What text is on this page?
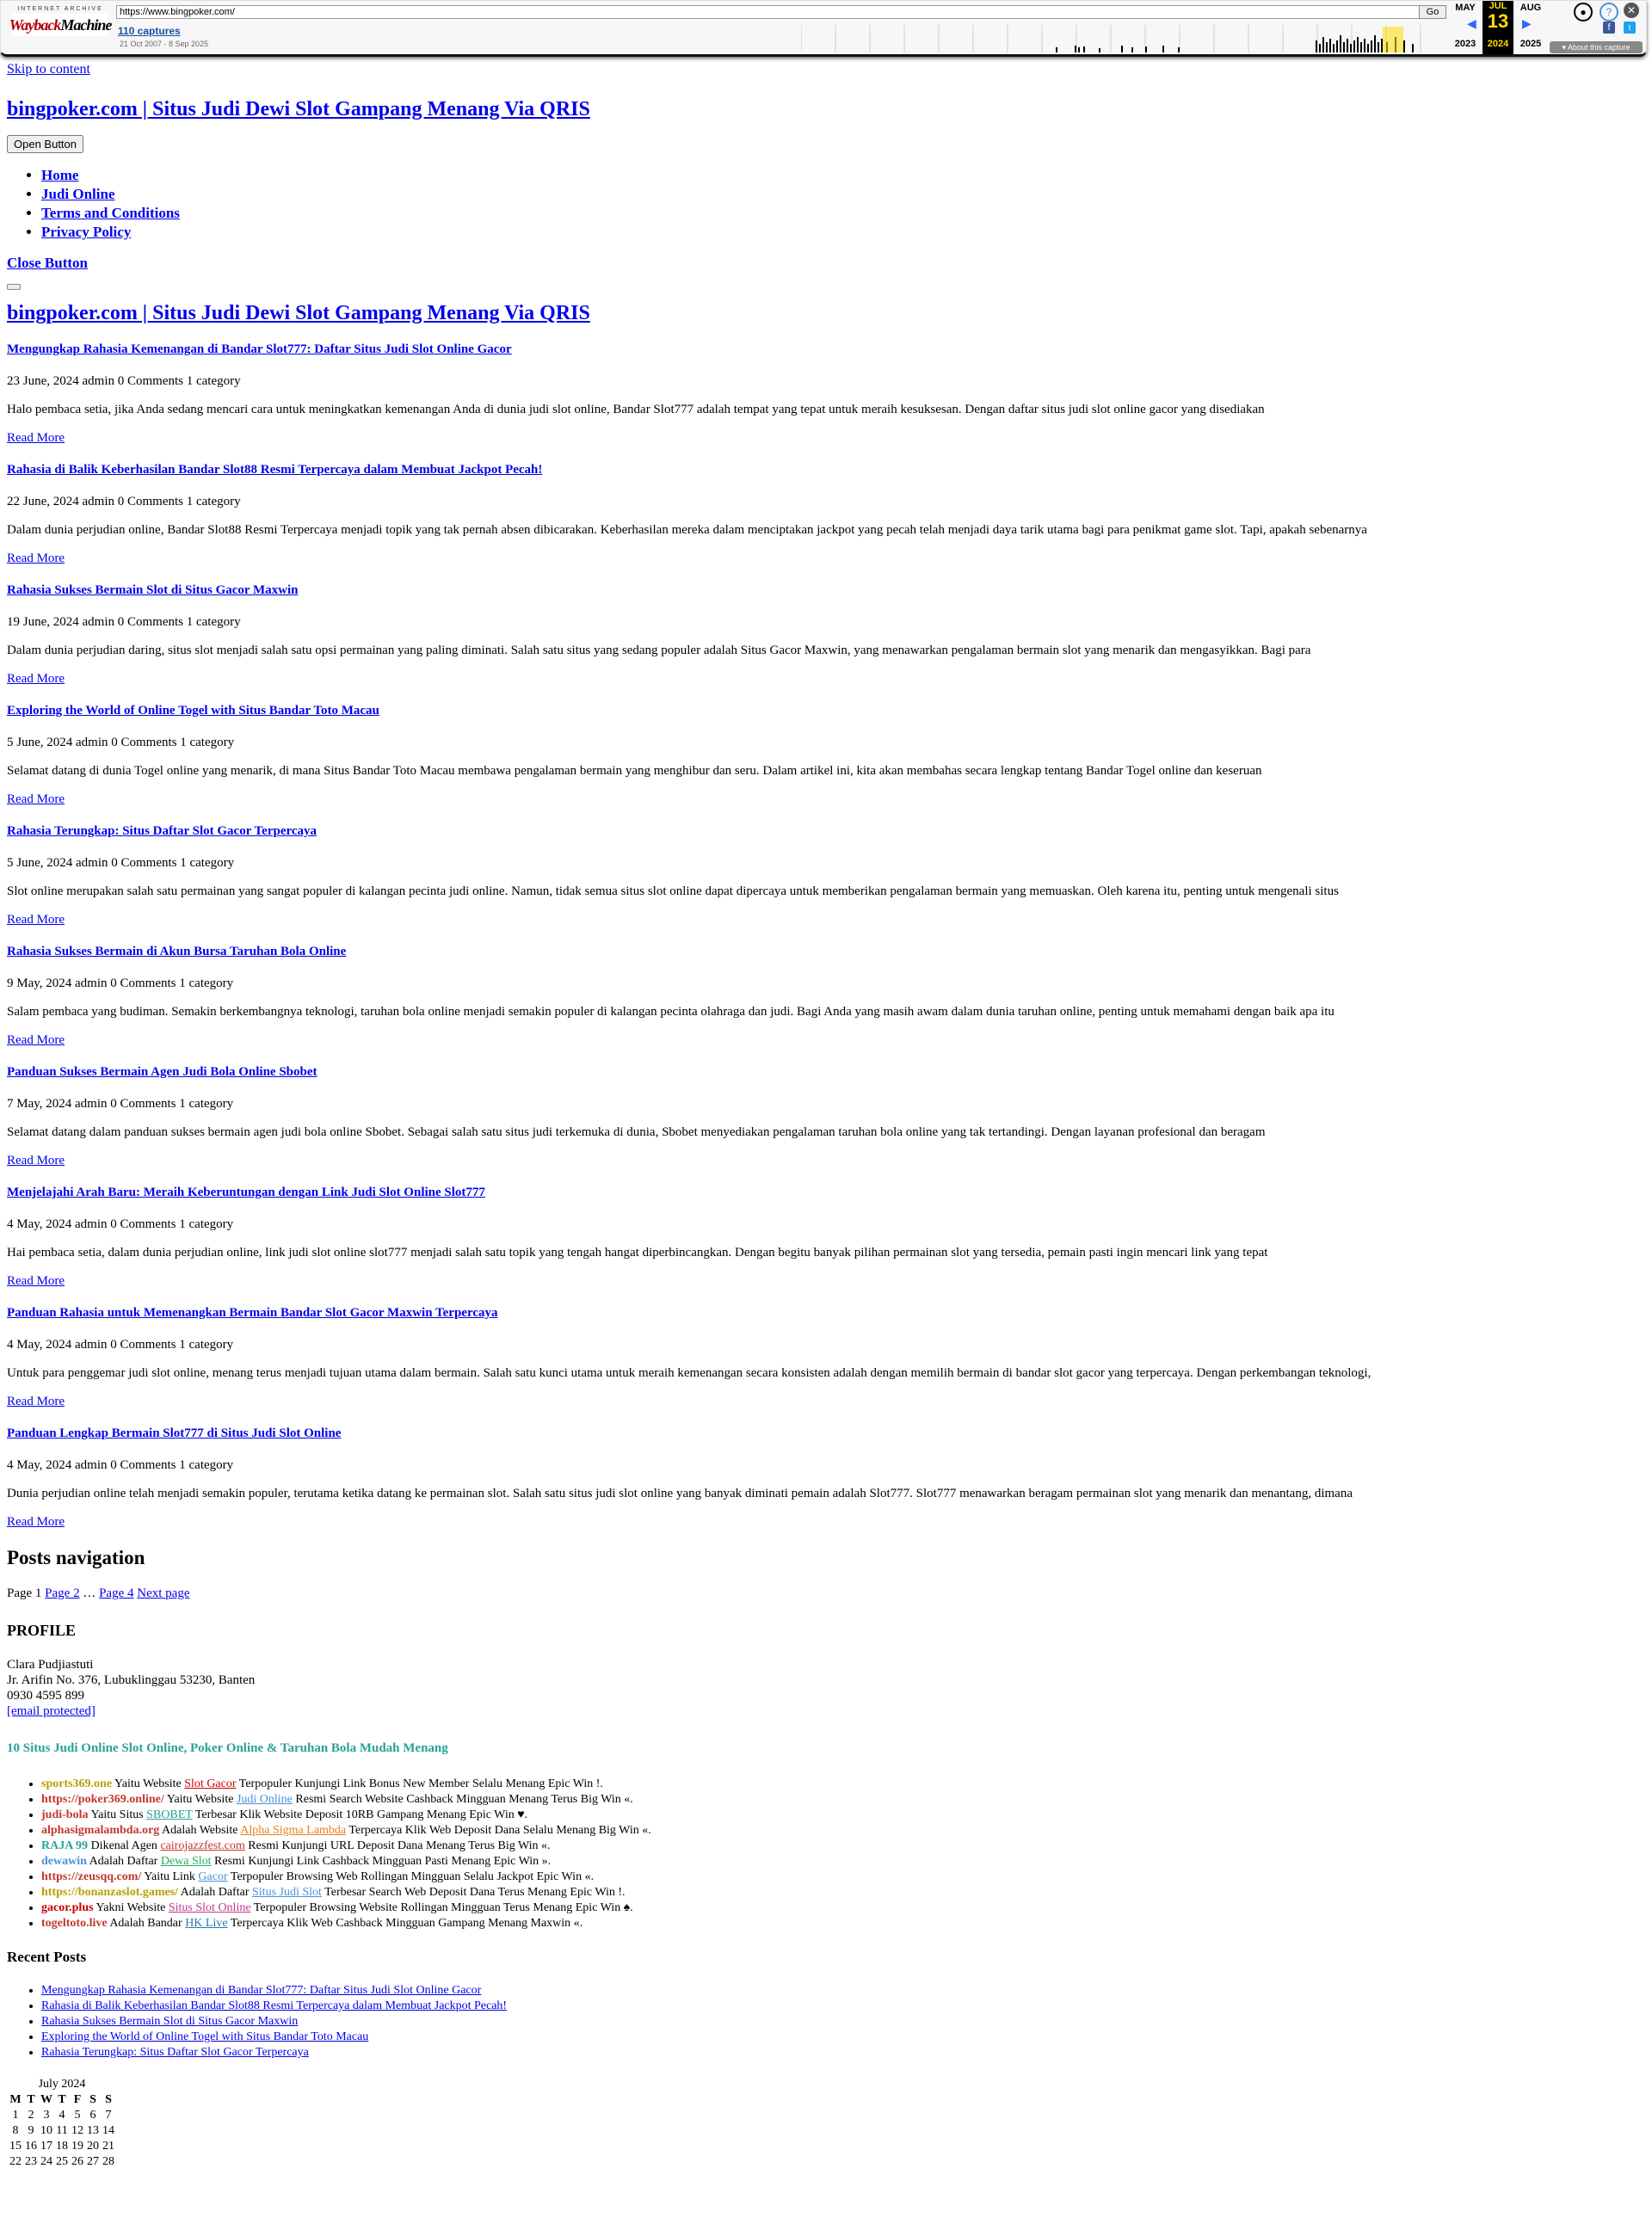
INTERNET ARCHIVE
Wayback Machine
https://www.bingpoker.com/	Go
110 captures
21 Oct 2007 - 8 Sep 2025
MAY	JUL
13
AUG
◀	▶
2023	2024	2025
●	?	✕
f	t
▾ About this capture
Skip to content
bingpoker.com | Situs Judi Dewi Slot Gampang Menang Via QRIS
Open Button
• Home
• Judi Online
• Terms and Conditions
• Privacy Policy
Close Button
bingpoker.com | Situs Judi Dewi Slot Gampang Menang Via QRIS
Mengungkap Rahasia Kemenangan di Bandar Slot777: Daftar Situs Judi Slot Online Gacor

23 June, 2024 admin 0 Comments 1 category

Halo pembaca setia, jika Anda sedang mencari cara untuk meningkatkan kemenangan Anda di dunia judi slot online, Bandar Slot777 adalah tempat yang tepat untuk meraih kesuksesan. Dengan daftar situs judi slot online gacor yang disediakan

Read More
Rahasia di Balik Keberhasilan Bandar Slot88 Resmi Terpercaya dalam Membuat Jackpot Pecah!

22 June, 2024 admin 0 Comments 1 category

Dalam dunia perjudian online, Bandar Slot88 Resmi Terpercaya menjadi topik yang tak pernah absen dibicarakan. Keberhasilan mereka dalam menciptakan jackpot yang pecah telah menjadi daya tarik utama bagi para penikmat game slot. Tapi, apakah sebenarnya

Read More
Rahasia Sukses Bermain Slot di Situs Gacor Maxwin

19 June, 2024 admin 0 Comments 1 category

Dalam dunia perjudian daring, situs slot menjadi salah satu opsi permainan yang paling diminati. Salah satu situs yang sedang populer adalah Situs Gacor Maxwin, yang menawarkan pengalaman bermain slot yang menarik dan mengasyikkan. Bagi para

Read More
Exploring the World of Online Togel with Situs Bandar Toto Macau

5 June, 2024 admin 0 Comments 1 category

Selamat datang di dunia Togel online yang menarik, di mana Situs Bandar Toto Macau membawa pengalaman bermain yang menghibur dan seru. Dalam artikel ini, kita akan membahas secara lengkap tentang Bandar Togel online dan keseruan

Read More
Rahasia Terungkap: Situs Daftar Slot Gacor Terpercaya

5 June, 2024 admin 0 Comments 1 category

Slot online merupakan salah satu permainan yang sangat populer di kalangan pecinta judi online. Namun, tidak semua situs slot online dapat dipercaya untuk memberikan pengalaman bermain yang memuaskan. Oleh karena itu, penting untuk mengenali situs

Read More
Rahasia Sukses Bermain di Akun Bursa Taruhan Bola Online

9 May, 2024 admin 0 Comments 1 category

Salam pembaca yang budiman. Semakin berkembangnya teknologi, taruhan bola online menjadi semakin populer di kalangan pecinta olahraga dan judi. Bagi Anda yang masih awam dalam dunia taruhan online, penting untuk memahami dengan baik apa itu

Read More
Panduan Sukses Bermain Agen Judi Bola Online Sbobet

7 May, 2024 admin 0 Comments 1 category

Selamat datang dalam panduan sukses bermain agen judi bola online Sbobet. Sebagai salah satu situs judi terkemuka di dunia, Sbobet menyediakan pengalaman taruhan bola online yang tak tertandingi. Dengan layanan profesional dan beragam

Read More
Menjelajahi Arah Baru: Meraih Keberuntungan dengan Link Judi Slot Online Slot777

4 May, 2024 admin 0 Comments 1 category

Hai pembaca setia, dalam dunia perjudian online, link judi slot online slot777 menjadi salah satu topik yang tengah hangat diperbincangkan. Dengan begitu banyak pilihan permainan slot yang tersedia, pemain pasti ingin mencari link yang tepat

Read More
Panduan Rahasia untuk Memenangkan Bermain Bandar Slot Gacor Maxwin Terpercaya

4 May, 2024 admin 0 Comments 1 category

Untuk para penggemar judi slot online, menang terus menjadi tujuan utama dalam bermain. Salah satu kunci utama untuk meraih kemenangan secara konsisten adalah dengan memilih bermain di bandar slot gacor yang terpercaya. Dengan perkembangan teknologi,

Read More
Panduan Lengkap Bermain Slot777 di Situs Judi Slot Online

4 May, 2024 admin 0 Comments 1 category

Dunia perjudian online telah menjadi semakin populer, terutama ketika datang ke permainan slot. Salah satu situs judi slot online yang banyak diminati pemain adalah Slot777. Slot777 menawarkan beragam permainan slot yang menarik dan menantang, dimana

Read More
Posts navigation
Page 1 Page 2 … Page 4 Next page
PROFILE

Clara Pudjiastuti
Jr. Arifin No. 376, Lubuklinggau 53230, Banten
0930 4595 899
[email protected]

10 Situs Judi Online Slot Online, Poker Online & Taruhan Bola Mudah Menang
• sports369.one Yaitu Website Slot Gacor Terpopuler Kunjungi Link Bonus New Member Selalu Menang Epic Win !.
• https://poker369.online/ Yaitu Website Judi Online Resmi Search Website Cashback Mingguan Menang Terus Big Win «.
• judi-bola Yaitu Situs SBOBET Terbesar Klik Website Deposit 10RB Gampang Menang Epic Win ♥.
• alphasigmalambda.org Adalah Website Alpha Sigma Lambda Terpercaya Klik Web Deposit Dana Selalu Menang Big Win «.
• RAJA 99 Dikenal Agen cairojazzfest.com Resmi Kunjungi URL Deposit Dana Menang Terus Big Win «.
• dewawin Adalah Daftar Dewa Slot Resmi Kunjungi Link Cashback Mingguan Pasti Menang Epic Win ».
• https://zeusqq.com/ Yaitu Link Gacor Terpopuler Browsing Web Rollingan Mingguan Selalu Jackpot Epic Win «.
• https://bonanzaslot.games/ Adalah Daftar Situs Judi Slot Terbesar Search Web Deposit Dana Terus Menang Epic Win !.
• gacor.plus Yakni Website Situs Slot Online Terpopuler Browsing Website Rollingan Mingguan Terus Menang Epic Win ♠.
• togeltoto.live Adalah Bandar HK Live Terpercaya Klik Web Cashback Mingguan Gampang Menang Maxwin «.
Recent Posts
• Mengungkap Rahasia Kemenangan di Bandar Slot777: Daftar Situs Judi Slot Online Gacor
• Rahasia di Balik Keberhasilan Bandar Slot88 Resmi Terpercaya dalam Membuat Jackpot Pecah!
• Rahasia Sukses Bermain Slot di Situs Gacor Maxwin
• Exploring the World of Online Togel with Situs Bandar Toto Macau
• Rahasia Terungkap: Situs Daftar Slot Gacor Terpercaya
July 2024
M	T	W	T	F	S	S
1	2	3	4	5	6	7
8	9	10	11	12	13	14
15	16	17	18	19	20	21
22	23	24	25	26	27	28
